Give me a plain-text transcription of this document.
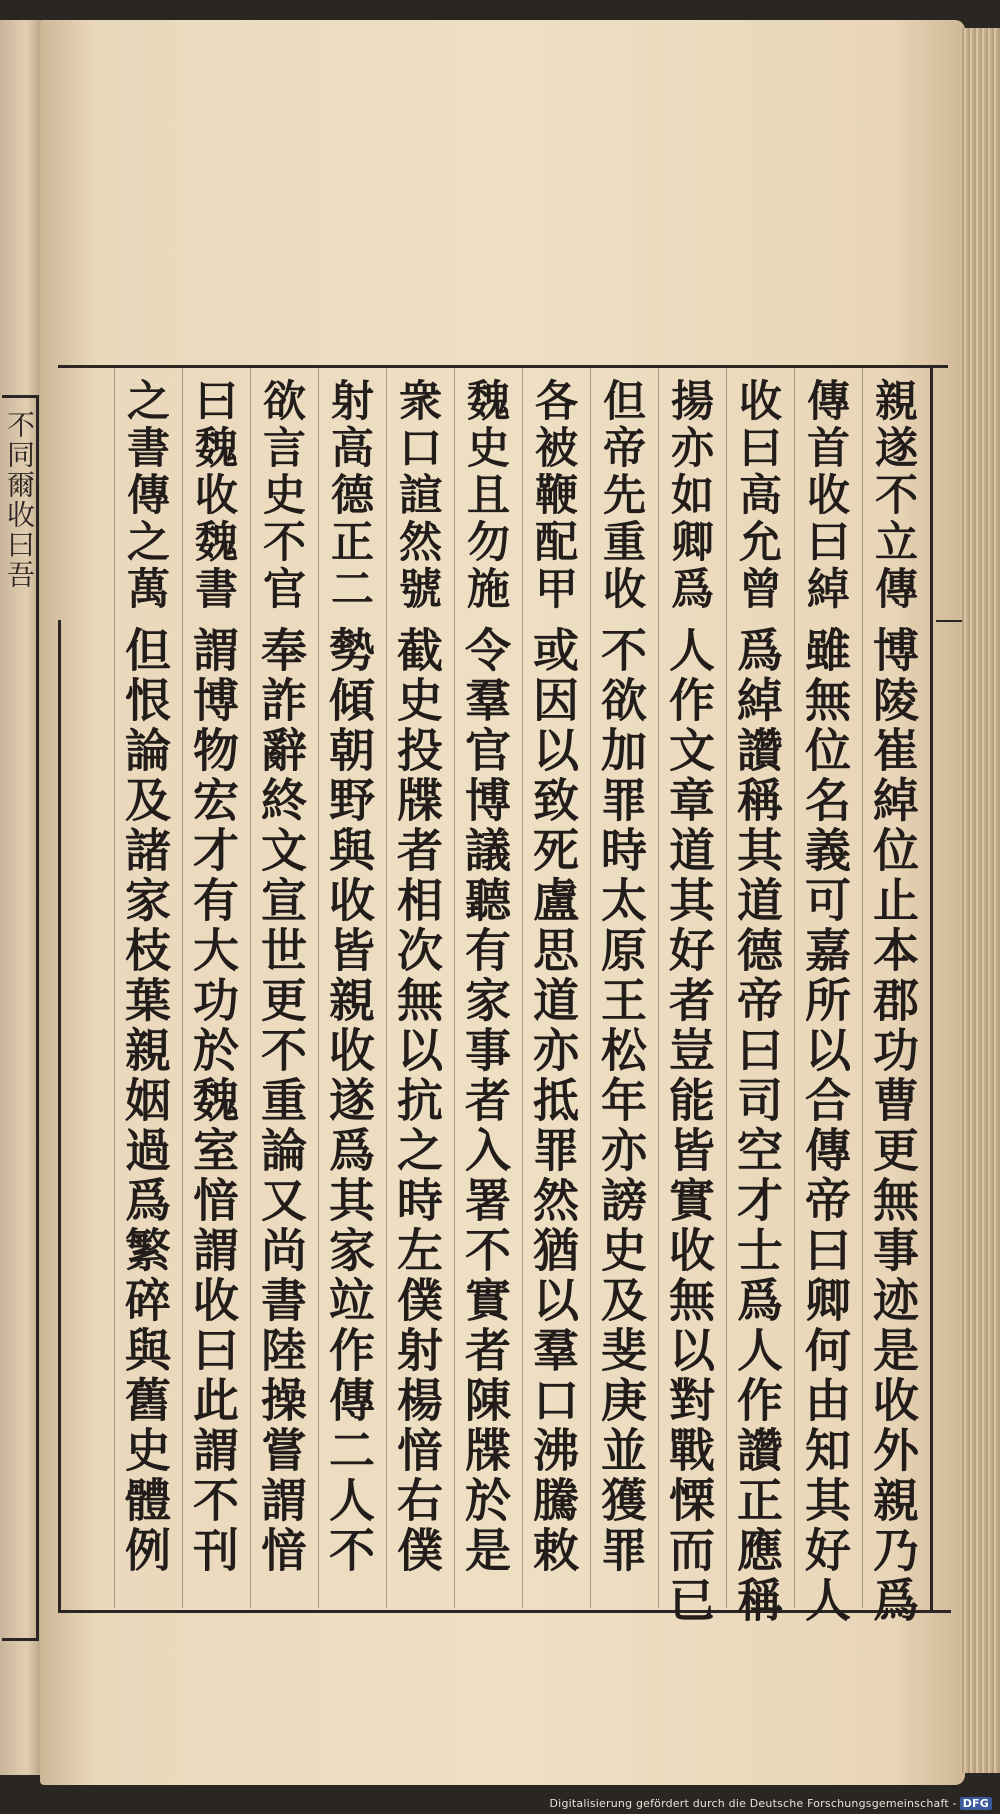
不同爾收曰吾	親遂不立傳
傳首收曰綽
收曰高允曾
揚亦如卿爲
但帝先重收
各被鞭配甲
魏史且勿施
衆口諠然號
射高德正二
欲言史不官
曰魏收魏書
之書傳之萬
博陵崔綽位止本郡功曹更無事迹是收外親乃爲
雖無位名義可嘉所以合傳帝曰卿何由知其好人
爲綽讚稱其道德帝曰司空才士爲人作讚正應稱
人作文章道其好者豈能皆實收無以對戰慄而已
不欲加罪時太原王松年亦謗史及斐庚並獲罪
或因以致死盧思道亦抵罪然猶以羣口沸騰敕
令羣官博議聽有家事者入署不實者陳牒於是
截史投牒者相次無以抗之時左僕射楊愔右僕
勢傾朝野與收皆親收遂爲其家竝作傳二人不
奉詐辭終文宣世更不重論又尚書陸操嘗謂愔
謂博物宏才有大功於魏室愔謂收曰此謂不刊
但恨論及諸家枝葉親姻過爲繁碎與舊史體例
Digitalisierung gefördert durch die Deutsche Forschungsgemeinschaft - DFG
